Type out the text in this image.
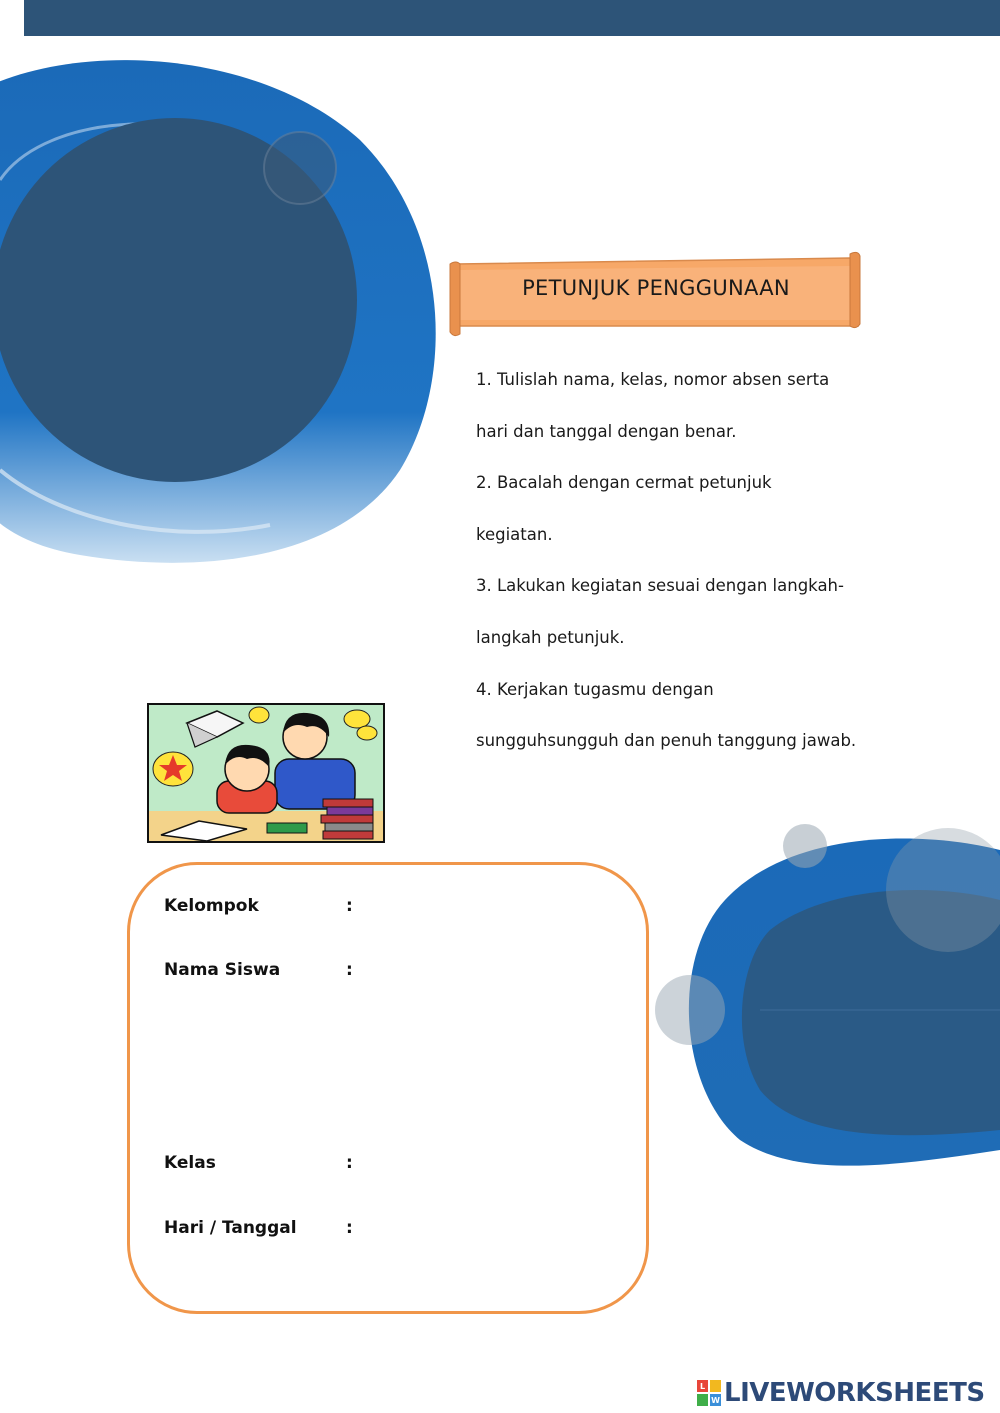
PETUNJUK PENGGUNAAN
1. Tulislah nama, kelas, nomor absen serta
hari dan tanggal dengan benar.
2. Bacalah dengan cermat petunjuk
kegiatan.
3. Lakukan kegiatan sesuai dengan langkah-
langkah petunjuk.
4. Kerjakan tugasmu dengan
sungguhsungguh dan penuh tanggung jawab.
Kelompok	:
Nama Siswa	:
Kelas	:
Hari / Tanggal	:
L
W LIVEWORKSHEETS
